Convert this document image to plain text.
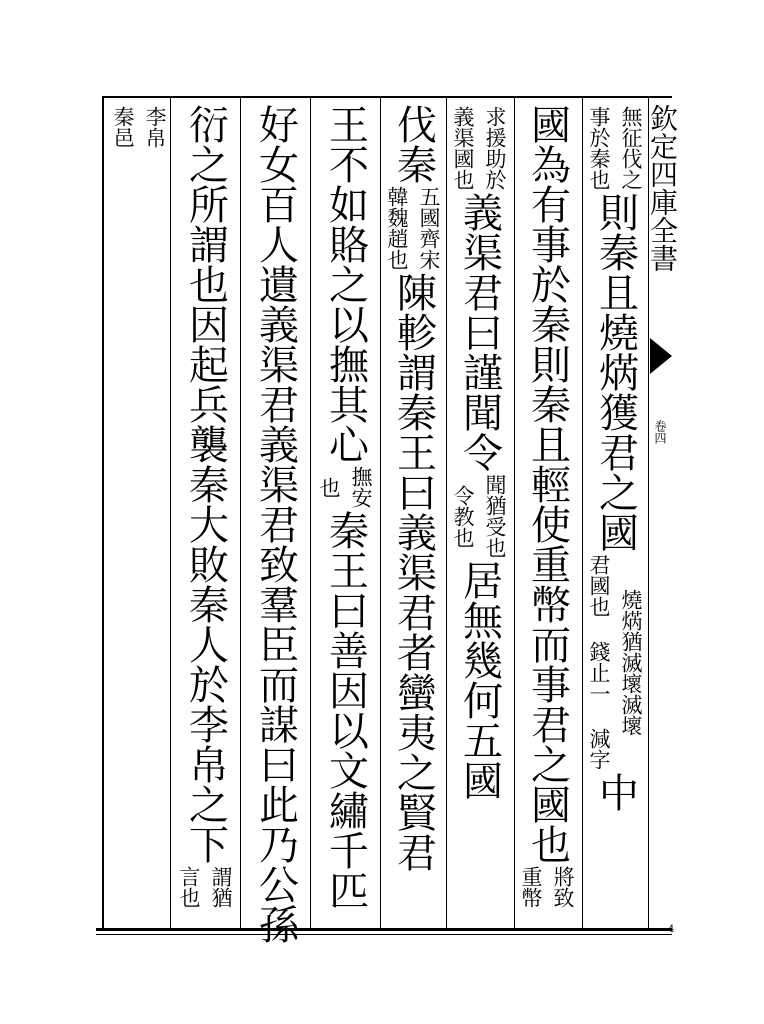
欽定四庫全書
卷四
4
無征伐之
事於秦也
則秦且燒焫獲君之國
燒焫猶滅壞滅壞
君國也 錢止一 減字
中
國為有事於秦則秦且輕使重幣而事君之國也
將致
重幣
求援助於
義渠國也
義渠君曰謹聞令
聞猶受也
令教也
居無幾何五國
伐秦
五國齊宋
韓魏趙也
陳軫謂秦王曰義渠君者蠻夷之賢君
王不如賂之以撫其心
撫安
也
秦王曰善因以文繡千匹
好女百人遺義渠君義渠君致羣臣而謀曰此乃公孫
衍之所謂也因起兵襲秦大敗秦人於李帛之下
謂猶
言也
李帛
秦邑
